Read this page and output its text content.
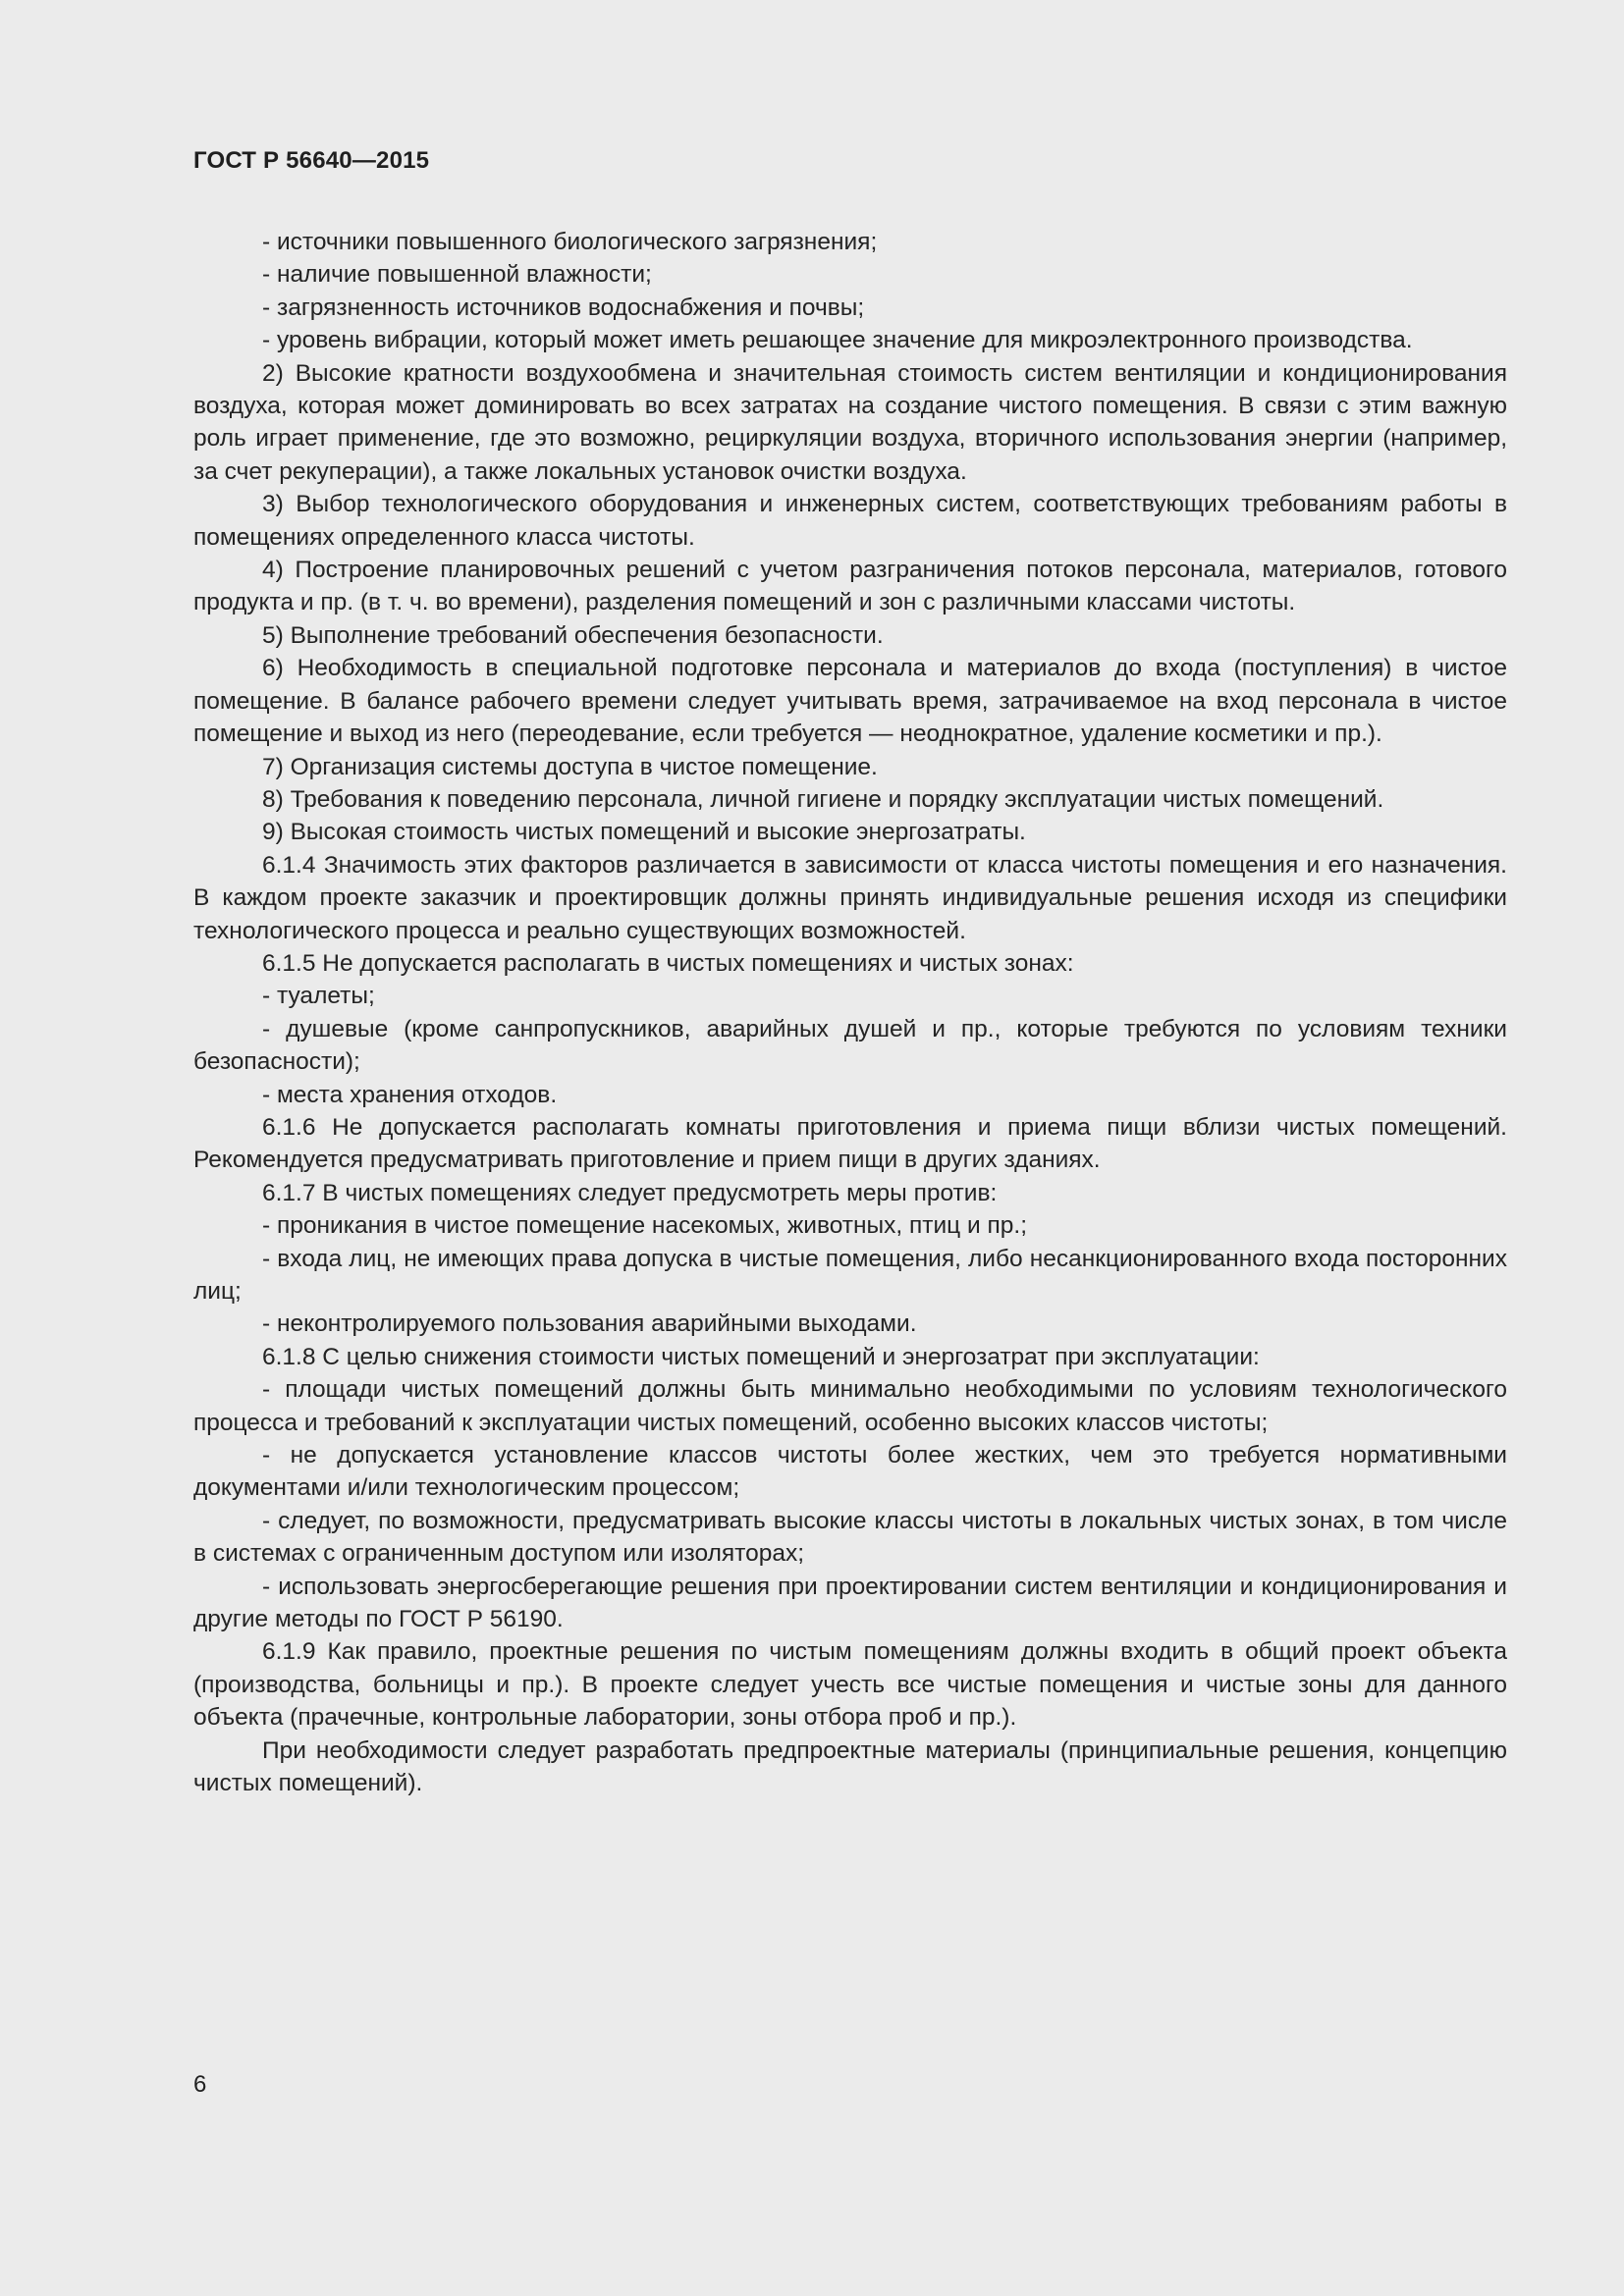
ГОСТ Р 56640—2015

- источники повышенного биологического загрязнения;

- наличие повышенной влажности;

- загрязненность источников водоснабжения и почвы;

- уровень вибрации, который может иметь решающее значение для микроэлектронного производства.

2) Высокие кратности воздухообмена и значительная стоимость систем вентиляции и кондиционирования воздуха, которая может доминировать во всех затратах на создание чистого помещения. В связи с этим важную роль играет применение, где это возможно, рециркуляции воздуха, вторичного использования энергии (например, за счет рекуперации), а также локальных установок очистки воздуха.

3) Выбор технологического оборудования и инженерных систем, соответствующих требованиям работы в помещениях определенного класса чистоты.

4) Построение планировочных решений с учетом разграничения потоков персонала, материалов, готового продукта и пр. (в т. ч. во времени), разделения помещений и зон с различными классами чистоты.

5) Выполнение требований обеспечения безопасности.

6) Необходимость в специальной подготовке персонала и материалов до входа (поступления) в чистое помещение. В балансе рабочего времени следует учитывать время, затрачиваемое на вход персонала в чистое помещение и выход из него (переодевание, если требуется — неоднократное, удаление косметики и пр.).

7) Организация системы доступа в чистое помещение.

8) Требования к поведению персонала, личной гигиене и порядку эксплуатации чистых помещений.

9) Высокая стоимость чистых помещений и высокие энергозатраты.

6.1.4 Значимость этих факторов различается в зависимости от класса чистоты помещения и его назначения. В каждом проекте заказчик и проектировщик должны принять индивидуальные решения исходя из специфики технологического процесса и реально существующих возможностей.

6.1.5 Не допускается располагать в чистых помещениях и чистых зонах:

- туалеты;

- душевые (кроме санпропускников, аварийных душей и пр., которые требуются по условиям техники безопасности);

- места хранения отходов.

6.1.6 Не допускается располагать комнаты приготовления и приема пищи вблизи чистых помещений. Рекомендуется предусматривать приготовление и прием пищи в других зданиях.

6.1.7 В чистых помещениях следует предусмотреть меры против:

- проникания в чистое помещение насекомых, животных, птиц и пр.;

- входа лиц, не имеющих права допуска в чистые помещения, либо несанкционированного входа посторонних лиц;

- неконтролируемого пользования аварийными выходами.

6.1.8 С целью снижения стоимости чистых помещений и энергозатрат при эксплуатации:

- площади чистых помещений должны быть минимально необходимыми по условиям технологического процесса и требований к эксплуатации чистых помещений, особенно высоких классов чистоты;

- не допускается установление классов чистоты более жестких, чем это требуется нормативными документами и/или технологическим процессом;

- следует, по возможности, предусматривать высокие классы чистоты в локальных чистых зонах, в том числе в системах с ограниченным доступом или изоляторах;

- использовать энергосберегающие решения при проектировании систем вентиляции и кондиционирования и другие методы по ГОСТ Р 56190.

6.1.9 Как правило, проектные решения по чистым помещениям должны входить в общий проект объекта (производства, больницы и пр.). В проекте следует учесть все чистые помещения и чистые зоны для данного объекта (прачечные, контрольные лаборатории, зоны отбора проб и пр.).

При необходимости следует разработать предпроектные материалы (принципиальные решения, концепцию чистых помещений).

6
